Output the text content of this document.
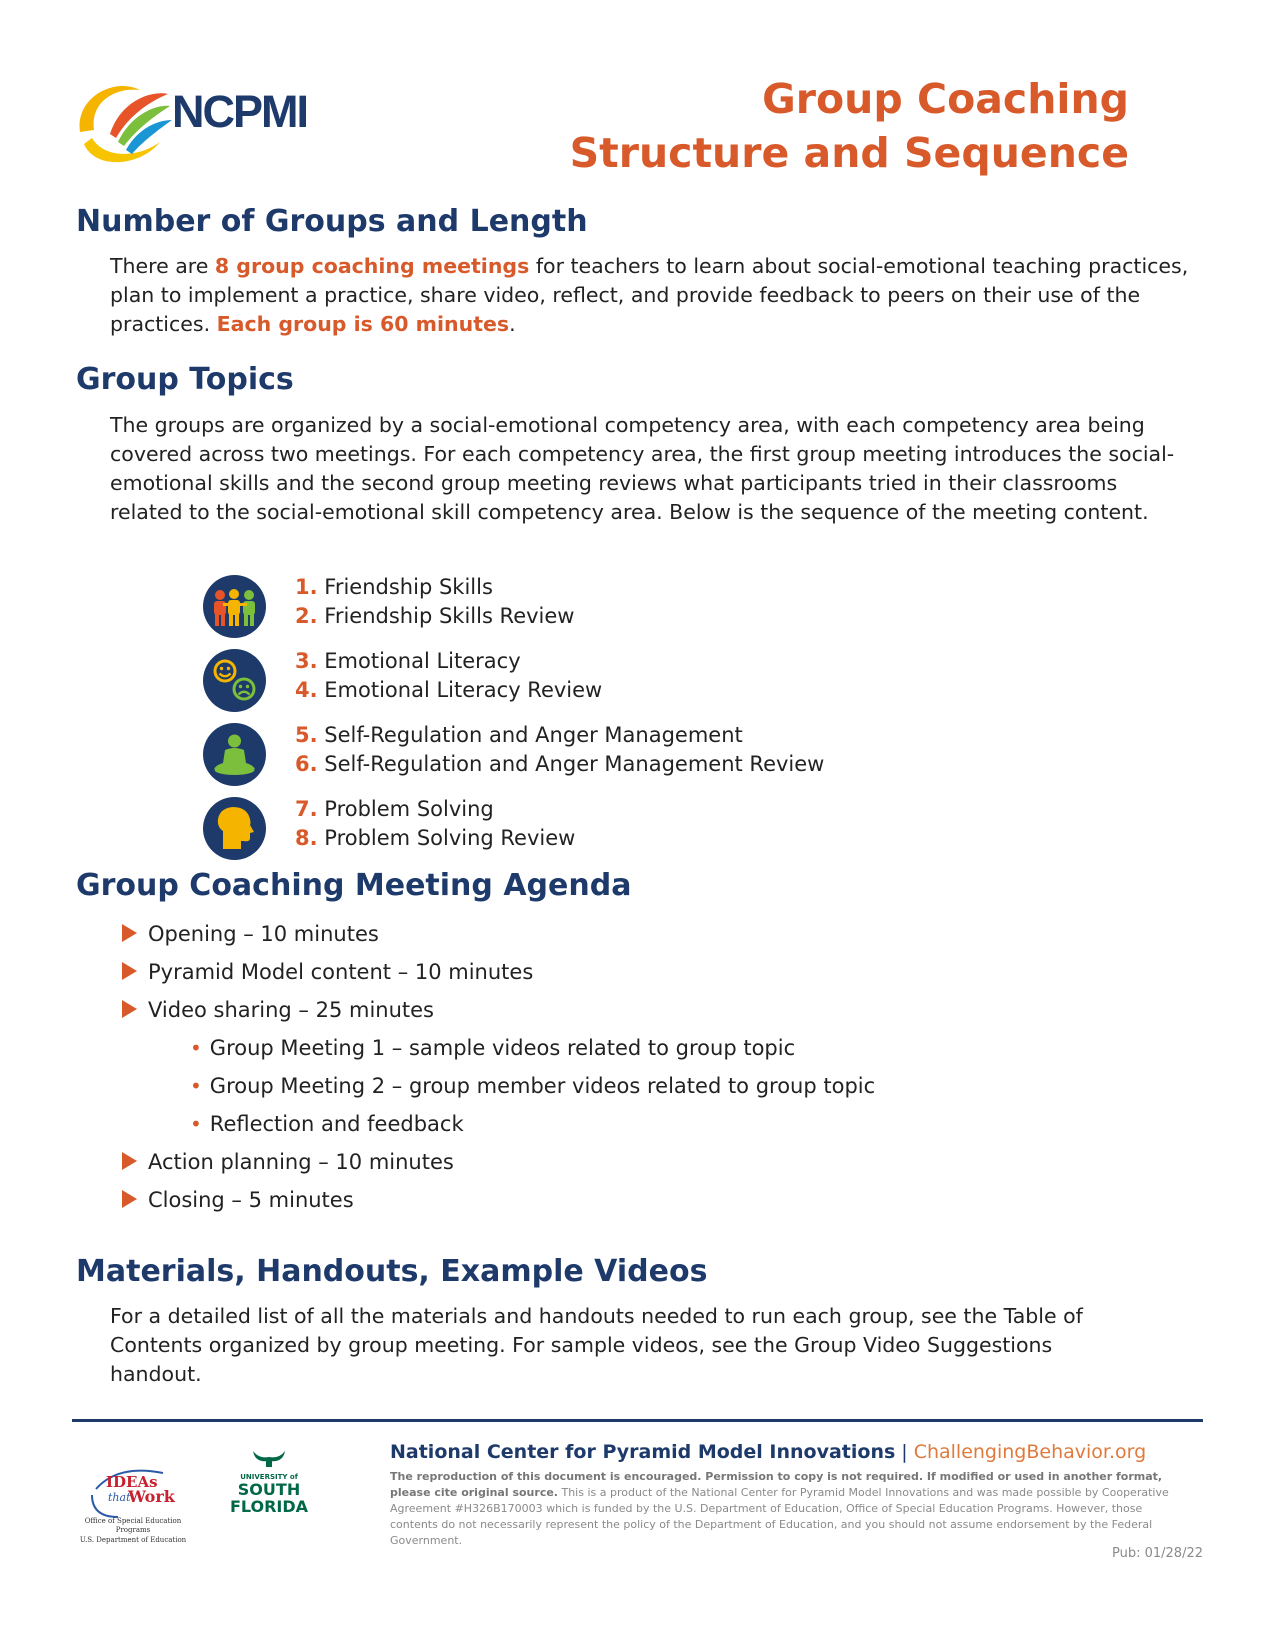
NCPMI	Group Coaching
Structure and Sequence
Number of Groups and Length

There are 8 group coaching meetings for teachers to learn about social-emotional teaching practices, plan to implement a practice, share video, reflect, and provide feedback to peers on their use of the practices. Each group is 60 minutes.

Group Topics

The groups are organized by a social-emotional competency area, with each competency area being covered across two meetings. For each competency area, the first group meeting introduces the social-emotional skills and the second group meeting reviews what participants tried in their classrooms related to the social-emotional skill competency area. Below is the sequence of the meeting content.

1. Friendship Skills
2. Friendship Skills Review
3. Emotional Literacy
4. Emotional Literacy Review
5. Self-Regulation and Anger Management
6. Self-Regulation and Anger Management Review
7. Problem Solving
8. Problem Solving Review
Group Coaching Meeting Agenda
Opening – 10 minutes
Pyramid Model content – 10 minutes
Video sharing – 25 minutes
• Group Meeting 1 – sample videos related to group topic
• Group Meeting 2 – group member videos related to group topic
• Reflection and feedback
Action planning – 10 minutes
Closing – 5 minutes
Materials, Handouts, Example Videos

For a detailed list of all the materials and handouts needed to run each group, see the Table of Contents organized by group meeting. For sample videos, see the Group Video Suggestions handout.

IDEAs
that
Work
Office of Special Education Programs
U.S. Department of Education
UNIVERSITY of
SOUTH
FLORIDA
National Center for Pyramid Model Innovations | ChallengingBehavior.org
The reproduction of this document is encouraged. Permission to copy is not required. If modified or used in another format, please cite original source. This is a product of the National Center for Pyramid Model Innovations and was made possible by Cooperative Agreement #H326B170003 which is funded by the U.S. Department of Education, Office of Special Education Programs. However, those contents do not necessarily represent the policy of the Department of Education, and you should not assume endorsement by the Federal Government.
Pub: 01/28/22
